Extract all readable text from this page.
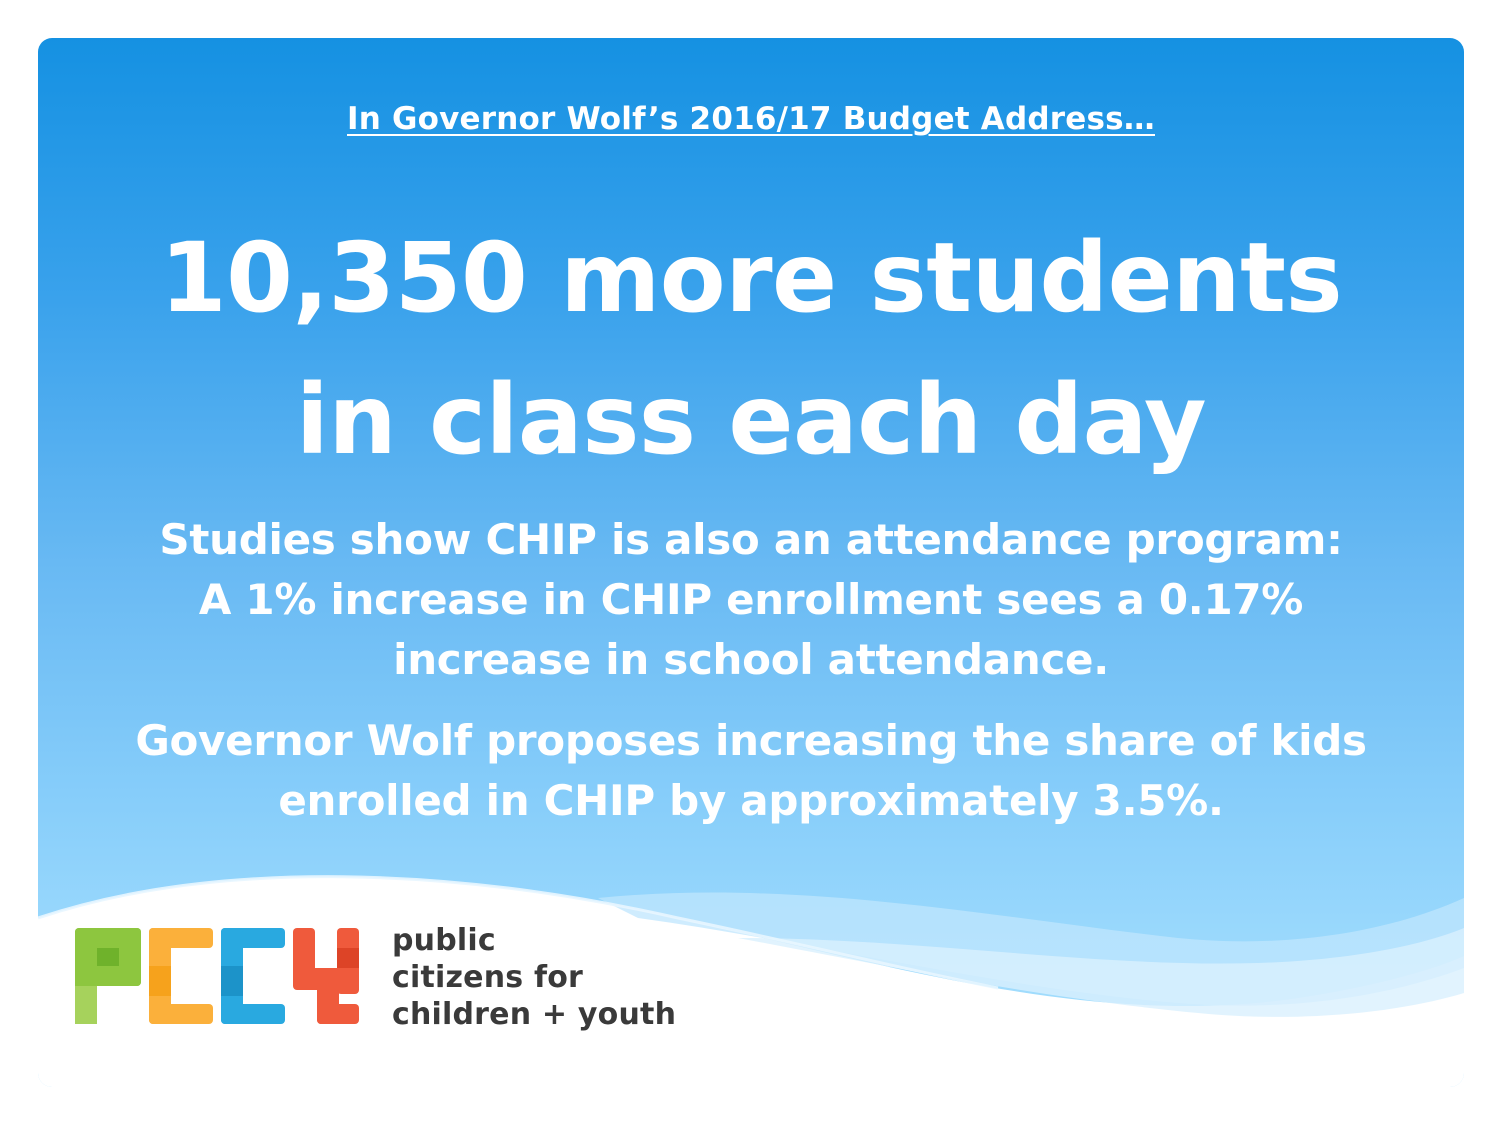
In Governor Wolf’s 2016/17 Budget Address…
10,350 more students
in class each day
Studies show CHIP is also an attendance program:
A 1% increase in CHIP enrollment sees a 0.17%
increase in school attendance.
Governor Wolf proposes increasing the share of kids
enrolled in CHIP by approximately 3.5%.
public
citizens for
children + youth
